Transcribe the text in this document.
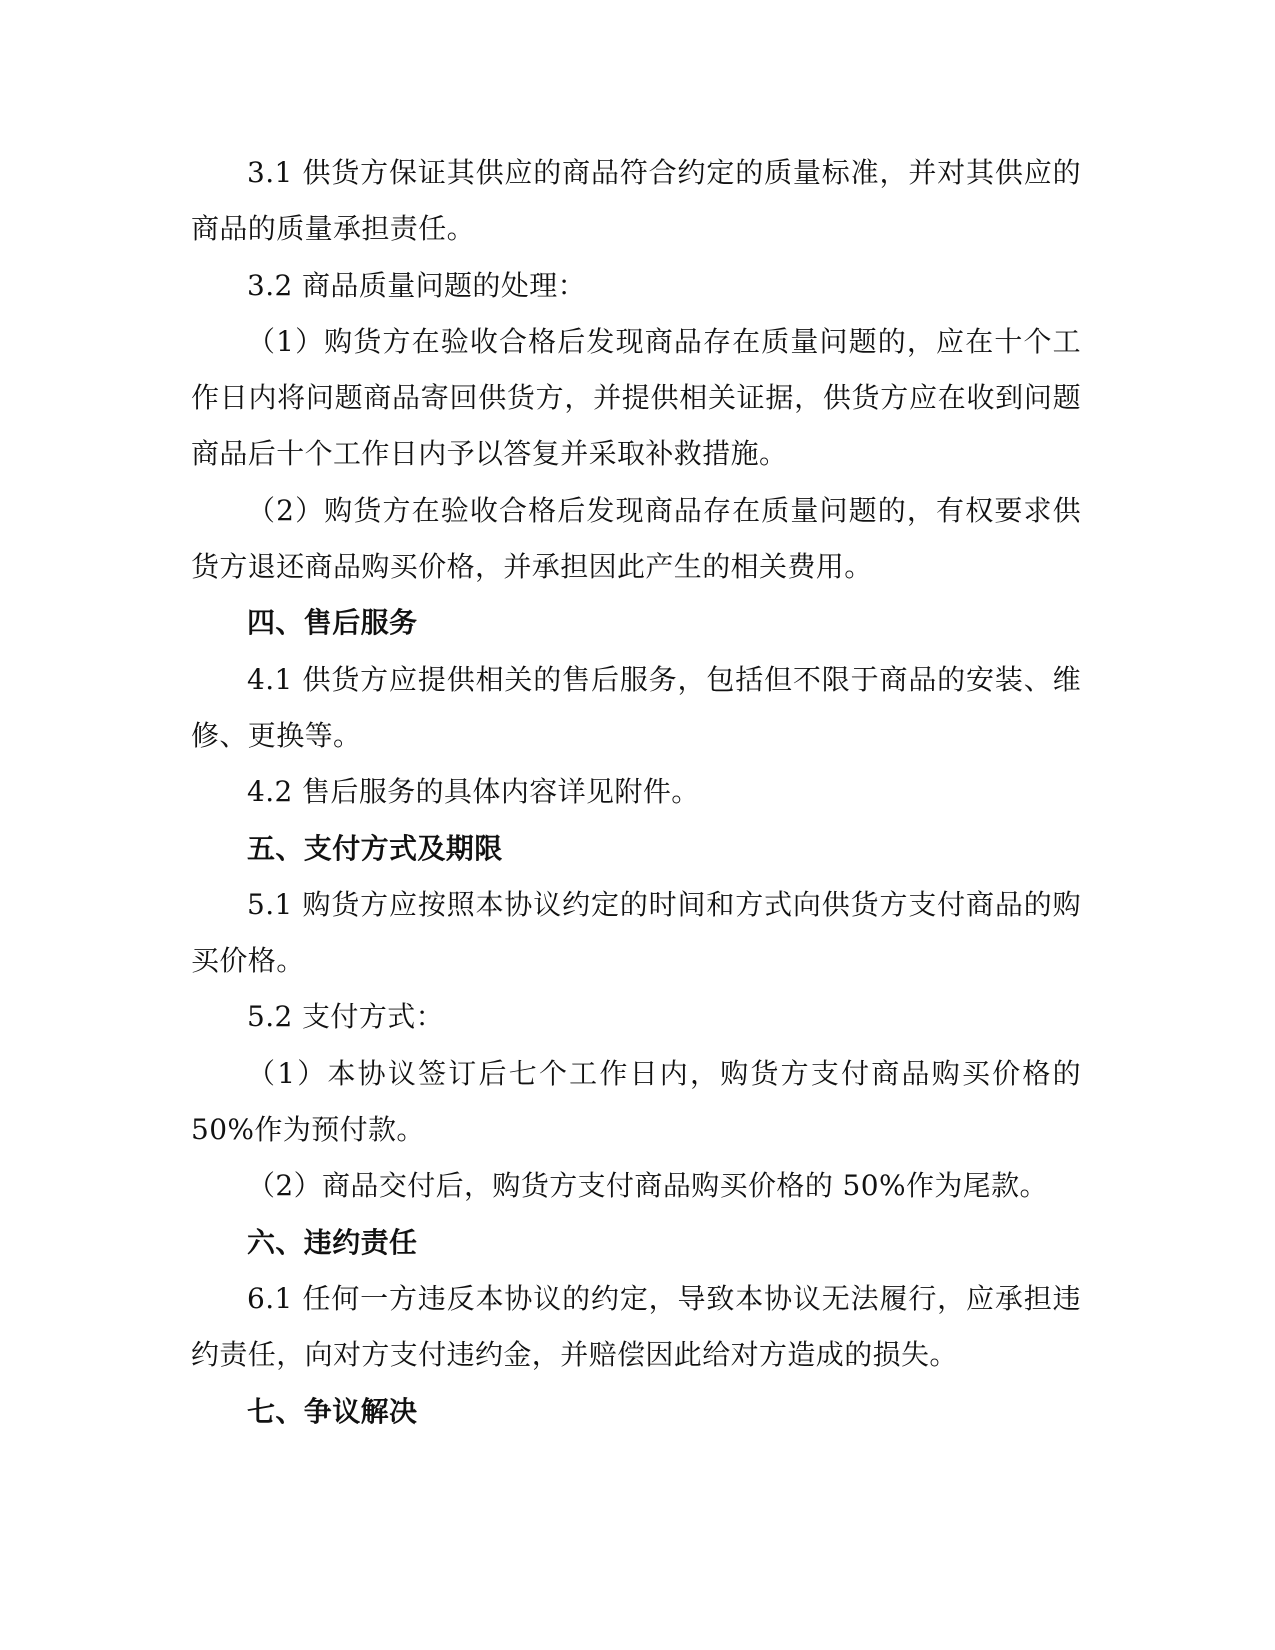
3.1 供货方保证其供应的商品符合约定的质量标准，并对其供应的商品的质量承担责任。

3.2 商品质量问题的处理：

（1）购货方在验收合格后发现商品存在质量问题的，应在十个工作日内将问题商品寄回供货方，并提供相关证据，供货方应在收到问题商品后十个工作日内予以答复并采取补救措施。

（2）购货方在验收合格后发现商品存在质量问题的，有权要求供货方退还商品购买价格，并承担因此产生的相关费用。

四、售后服务

4.1 供货方应提供相关的售后服务，包括但不限于商品的安装、维修、更换等。

4.2 售后服务的具体内容详见附件。

五、支付方式及期限

5.1 购货方应按照本协议约定的时间和方式向供货方支付商品的购买价格。

5.2 支付方式：

（1）本协议签订后七个工作日内，购货方支付商品购买价格的50%作为预付款。

（2）商品交付后，购货方支付商品购买价格的 50%作为尾款。

六、违约责任

6.1 任何一方违反本协议的约定，导致本协议无法履行，应承担违约责任，向对方支付违约金，并赔偿因此给对方造成的损失。

七、争议解决
